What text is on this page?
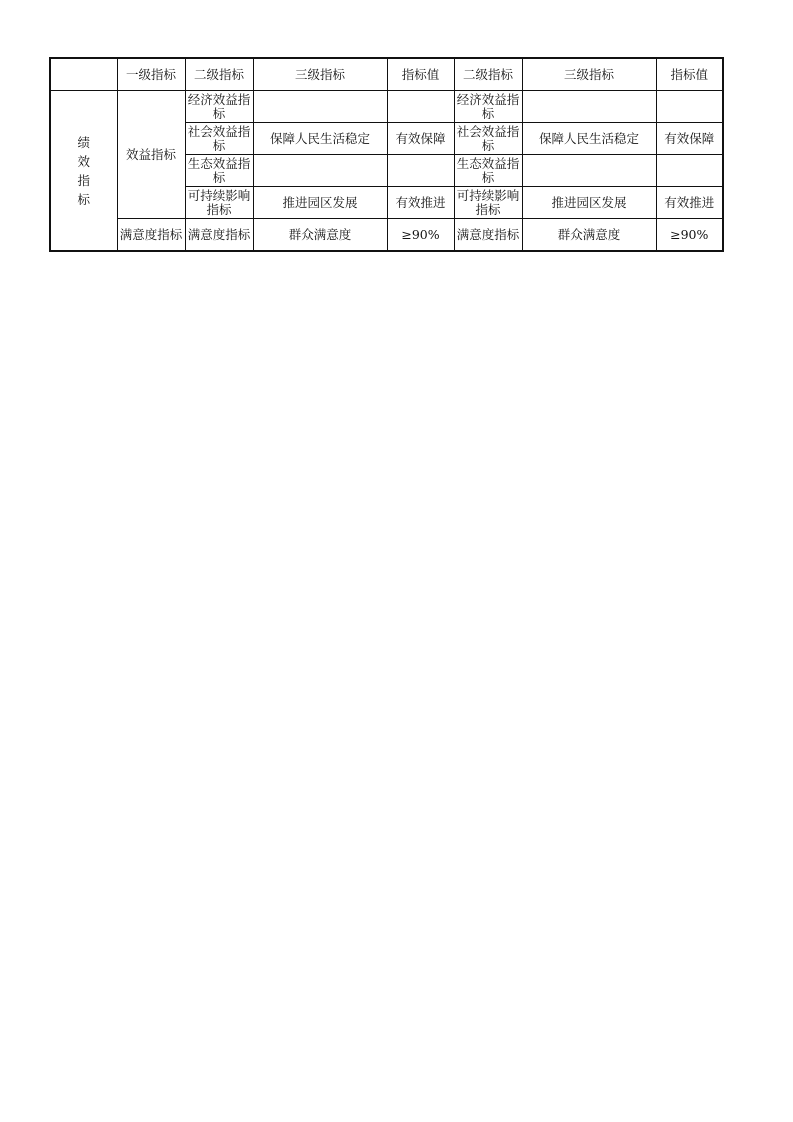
	一级指标	二级指标	三级指标	指标值	二级指标	三级指标	指标值

绩效指标	效益指标	经济效益指标			经济效益指标		

		社会效益指标	保障人民生活稳定	有效保障	社会效益指标	保障人民生活稳定	有效保障

		生态效益指标			生态效益指标		

		可持续影响指标	推进园区发展	有效推进	可持续影响指标	推进园区发展	有效推进

	满意度指标	满意度指标	群众满意度	≥90%	满意度指标	群众满意度	≥90%
